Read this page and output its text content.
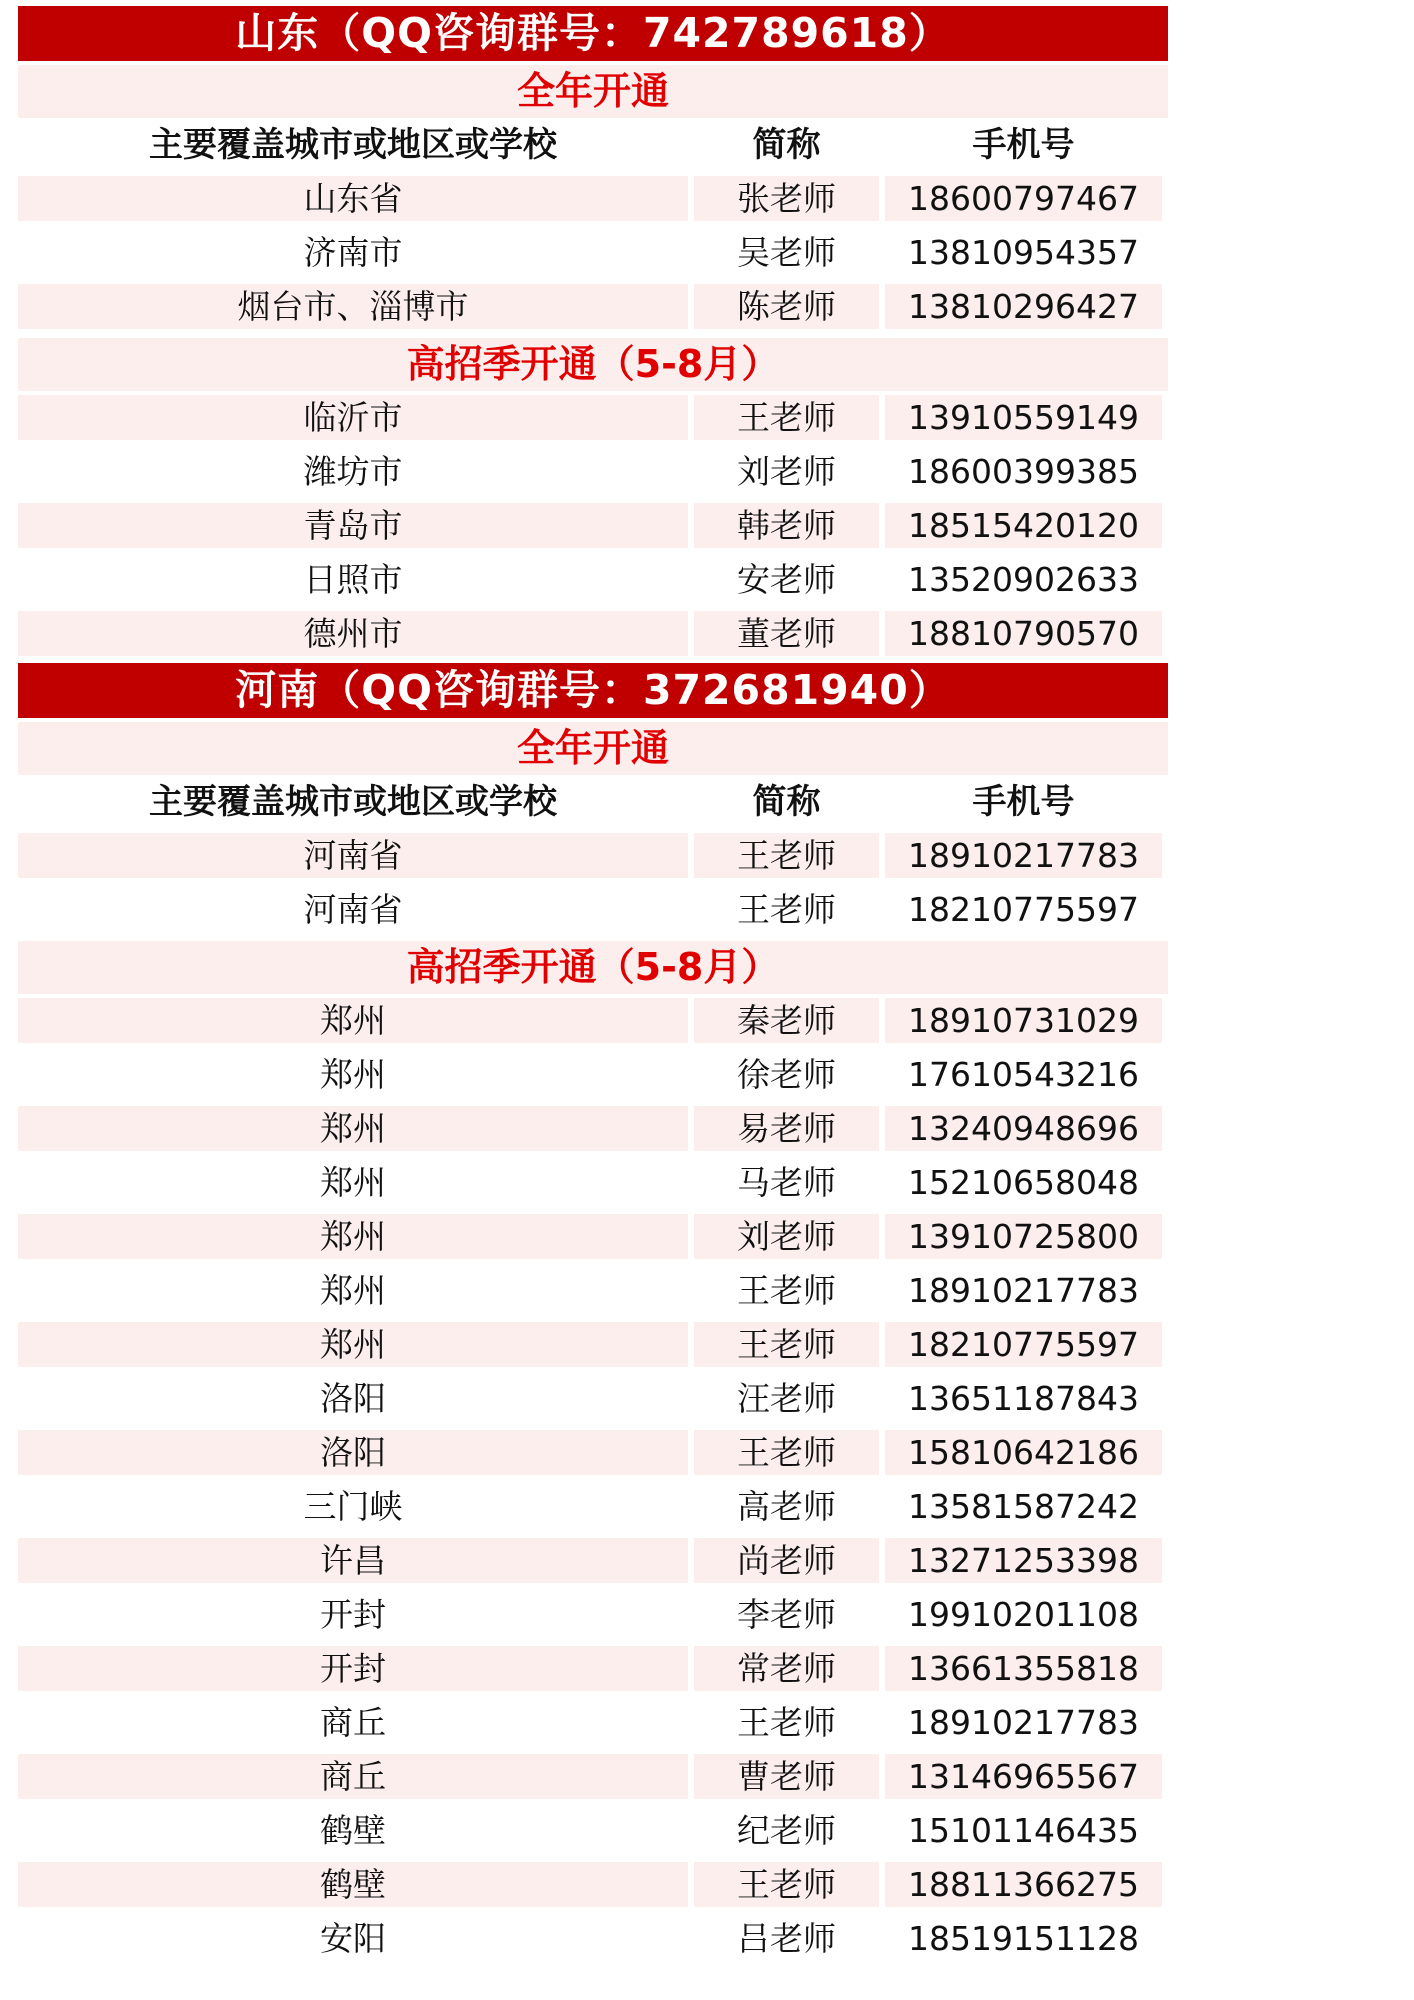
山东（QQ咨询群号：742789618）
全年开通
主要覆盖城市或地区或学校	简称	手机号
山东省	张老师	18600797467
济南市	吴老师	13810954357
烟台市、淄博市	陈老师	13810296427
高招季开通（5-8月）
临沂市	王老师	13910559149
潍坊市	刘老师	18600399385
青岛市	韩老师	18515420120
日照市	安老师	13520902633
德州市	董老师	18810790570
河南（QQ咨询群号：372681940）
全年开通
主要覆盖城市或地区或学校	简称	手机号
河南省	王老师	18910217783
河南省	王老师	18210775597
高招季开通（5-8月）
郑州	秦老师	18910731029
郑州	徐老师	17610543216
郑州	易老师	13240948696
郑州	马老师	15210658048
郑州	刘老师	13910725800
郑州	王老师	18910217783
郑州	王老师	18210775597
洛阳	汪老师	13651187843
洛阳	王老师	15810642186
三门峡	高老师	13581587242
许昌	尚老师	13271253398
开封	李老师	19910201108
开封	常老师	13661355818
商丘	王老师	18910217783
商丘	曹老师	13146965567
鹤壁	纪老师	15101146435
鹤壁	王老师	18811366275
安阳	吕老师	18519151128
